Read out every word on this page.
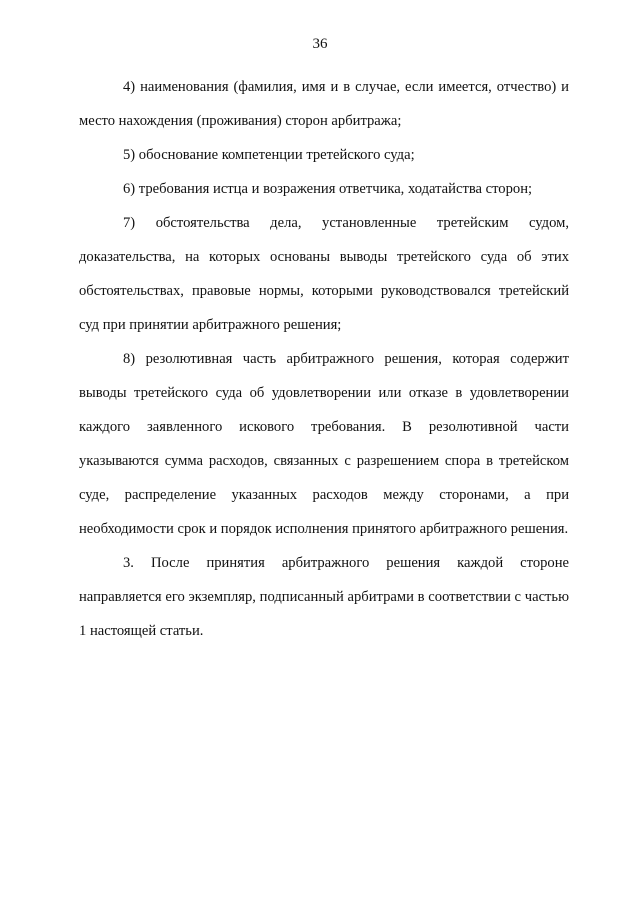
36

4) наименования (фамилия, имя и в случае, если имеется, отчество) и место нахождения (проживания) сторон арбитража;

5) обоснование компетенции третейского суда;

6) требования истца и возражения ответчика, ходатайства сторон;

7) обстоятельства дела, установленные третейским судом, доказательства, на которых основаны выводы третейского суда об этих обстоятельствах, правовые нормы, которыми руководствовался третейский суд при принятии арбитражного решения;

8) резолютивная часть арбитражного решения, которая содержит выводы третейского суда об удовлетворении или отказе в удовлетворении каждого заявленного искового требования. В резолютивной части указываются сумма расходов, связанных с разрешением спора в третейском суде, распределение указанных расходов между сторонами, а при необходимости срок и порядок исполнения принятого арбитражного решения.

3. После принятия арбитражного решения каждой стороне направляется его экземпляр, подписанный арбитрами в соответствии с частью 1 настоящей статьи.
